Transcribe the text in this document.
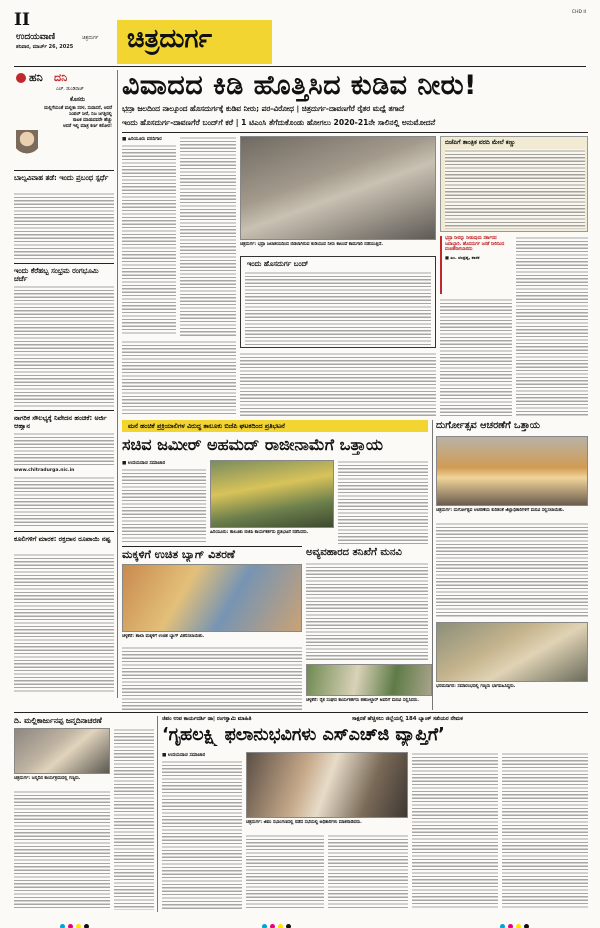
II
ಉದಯವಾಣಿ	ಚಿತ್ರದುರ್ಗ
ಶನಿವಾರ, ಮಾರ್ಚ್ 26, 2025 ಚಿತ್ರದುರ್ಗ
CHD II
ಹನಿ ದನಿ
ಎಚ್. ಡುಂಡಿರಾಜ್
ಕೊಸರು
ಮಲ್ಲಿಗೆಯಂತೆ ಮಲ್ಲಿಕಾ ಸರಳ, ಸುವಾಸನೆ, ಆದರೆ
ಸಿಂಪಲ್ ಸೀರೆ, ನಿಜ ಜಗತ್ತಿನಲ್ಲಿ
ನಾಟಕ ಮಾಡುವವರೇ ಹೆಚ್ಚು
ಆದರೆ ಇಲ್ಲಿ ಮಾತ್ರ ಕರ್ಣ ಕಠೋರ!
ಬಾಲ್ಯವಿವಾಹ ತಡೆ: ಇಂದು ಪ್ರಬಂಧ ಸ್ಪರ್ಧೆ
ಇಂದು ಕೆರೆಹಬ್ಬ ಸಂಭ್ರಮ ರಂಗಭೂಮಿ ಚರ್ಚೆ
ನಾಗರಿಕ ಸೌಲಭ್ಯಕ್ಕೆ ನಿವೇದನ ಹಂಚಿಕೆ: ಅರ್ಜಿ ಆಹ್ವಾನ
www.chitradurga.nic.in
ಕೂಲಿಗಳಿಗೆ ಮಾರಕ: ರಕ್ತದಾನ ರೂಪಾಯಿ ನಷ್ಟ
ವಿವಾದದ ಕಿಡಿ ಹೊತ್ತಿಸಿದ ಕುಡಿವ ನೀರು!
ಭದ್ರಾ ಜಲದಿಂದ ನಾಲ್ಕೂಂದ ಹೊಸದುರ್ಗಕ್ಕೆ ಕುಡಿವ ನೀರು; ಪರ-ವಿರೋಧ | ಚಿತ್ರದುರ್ಗ-ದಾವಣಗೆರೆ ರೈತರ ಮಧ್ಯೆ ತಗಾದೆ
ಇಂದು ಹೊಸದುರ್ಗ-ದಾವಣಗೆರೆ ಬಂದ್‌ಗೆ ಕರೆ | 1 ಟಿಎಂಸಿ ತೆಗೆದುಕೊಂಡು ಹೋಗಲು 2020-21ನೇ ಸಾಲಿನಲ್ಲಿ ಅನುಮೋದನೆ
■ ಹಿರಿಯೂರು ವರದಿಗಾರ
ಚಿತ್ರದುರ್ಗ: ಭದ್ರಾ ಜಲಾಶಯದಿಂದ ಬಿಡಲಾಗಿರುವ ಕುಡಿಯುವ ನೀರು ಕಾಲುವೆ ಕಾಮಗಾರಿ ನಡೆಯುತ್ತಿದೆ.
ಇಂದು ಹೊಸದುರ್ಗ ಬಂದ್
ಬಿಜೆಪಿಗೆ ತಾಂತ್ರಿಕ ವರದಿ ಮೇಲೆ ಕಣ್ಣು
ಭದ್ರಾ ನೀರನ್ನು ನೀಡುವುದು ಸರ್ಕಾರದ ಜವಾಬ್ದಾರಿ. ಹೊಸದುರ್ಗ ಜನತೆ ನೀರಿನಿಂದ ವಂಚಿತರಾಗಬಾರದು
■ ಎಂ. ಚಂದ್ರಪ್ಪ, ಶಾಸಕ
ಮನೆ ಹಂಚಿಕೆ ಪ್ರಕ್ರಿಯಾಲಿಗಳ ವಿರುದ್ಧ ತಾಲೂಕು ಬಿಜೆಪಿ ಘಟಕದಿಂದ ಪ್ರತಿಭಟನೆ
ಸಚಿವ ಜಮೀರ್ ಅಹಮದ್ ರಾಜೀನಾಮೆಗೆ ಒತ್ತಾಯ
■ ಉದಯವಾಣಿ ಸಮಾಚಾರ
ಹಿರಿಯೂರು: ತಾಲೂಕು ಬಿಜೆಪಿ ಕಾರ್ಯಕರ್ತರು ಪ್ರತಿಭಟನೆ ನಡೆಸಿದರು.
ದುರ್ಗೋತ್ಸವ ಆಚರಣೆಗೆ ಒತ್ತಾಯ
ಚಿತ್ರದುರ್ಗ: ದುರ್ಗೋತ್ಸವ ಆಚರಣೆಯ ಕುರಿತಂತೆ ಜಿಲ್ಲಾಧಿಕಾರಿಗಳಿಗೆ ಮನವಿ ಸಲ್ಲಿಸಲಾಯಿತು.
ಮಕ್ಕಳಿಗೆ ಉಚಿತ ಬ್ಯಾಗ್ ವಿತರಣೆ
ಚಳ್ಳಕೆರೆ: ಶಾಲಾ ಮಕ್ಕಳಿಗೆ ಉಚಿತ ಬ್ಯಾಗ್ ವಿತರಿಸಲಾಯಿತು.
ಅವ್ಯವಹಾರದ ತನಿಖೆಗೆ ಮನವಿ
ಚಳ್ಳಕೆರೆ: ರೈತ ಸಂಘದ ಕಾರ್ಯಕರ್ತರು ತಹಸೀಲ್ದಾರ್ ಅವರಿಗೆ ಮನವಿ ಸಲ್ಲಿಸಿದರು.
ಭರಮಸಾಗರ: ಸಮಾರಂಭದಲ್ಲಿ ಗಣ್ಯರು ಭಾಗವಹಿಸಿದ್ದರು.
ದಿ. ಮಲ್ಲಿಕಾರ್ಜುನಪ್ಪ ಜನ್ಮದಿನಾಚರಣೆ
ಚಿತ್ರದುರ್ಗ: ಜನ್ಮದಿನ ಕಾರ್ಯಕ್ರಮದಲ್ಲಿ ಗಣ್ಯರು.
ಜಿಪಂ ಉಪ ಕಾರ್ಯದರ್ಶಿ ಡಾ| ರಂಗಸ್ವಾಮಿ ಮಾಹಿತಿ	ಸಾಕ್ಷರತೆ ಹೆಚ್ಚಿಸಲು ಜಿಲ್ಲೆಯಲ್ಲಿ 184 ಬ್ಯಾಂಕ್ ಸಖಿಯರ ನೇಮಕ
‘ಗೃಹಲಕ್ಷ್ಮಿ ಫಲಾನುಭವಿಗಳು ಎಸ್‌ಎಚ್‌ಜಿ ವ್ಯಾಪ್ತಿಗೆ’
■ ಉದಯವಾಣಿ ಸಮಾಚಾರ
ಚಿತ್ರದುರ್ಗ: ಜಿಪಂ ಸಭಾಂಗಣದಲ್ಲಿ ನಡೆದ ಸಭೆಯಲ್ಲಿ ಅಧಿಕಾರಿಗಳು ಮಾತನಾಡಿದರು.
